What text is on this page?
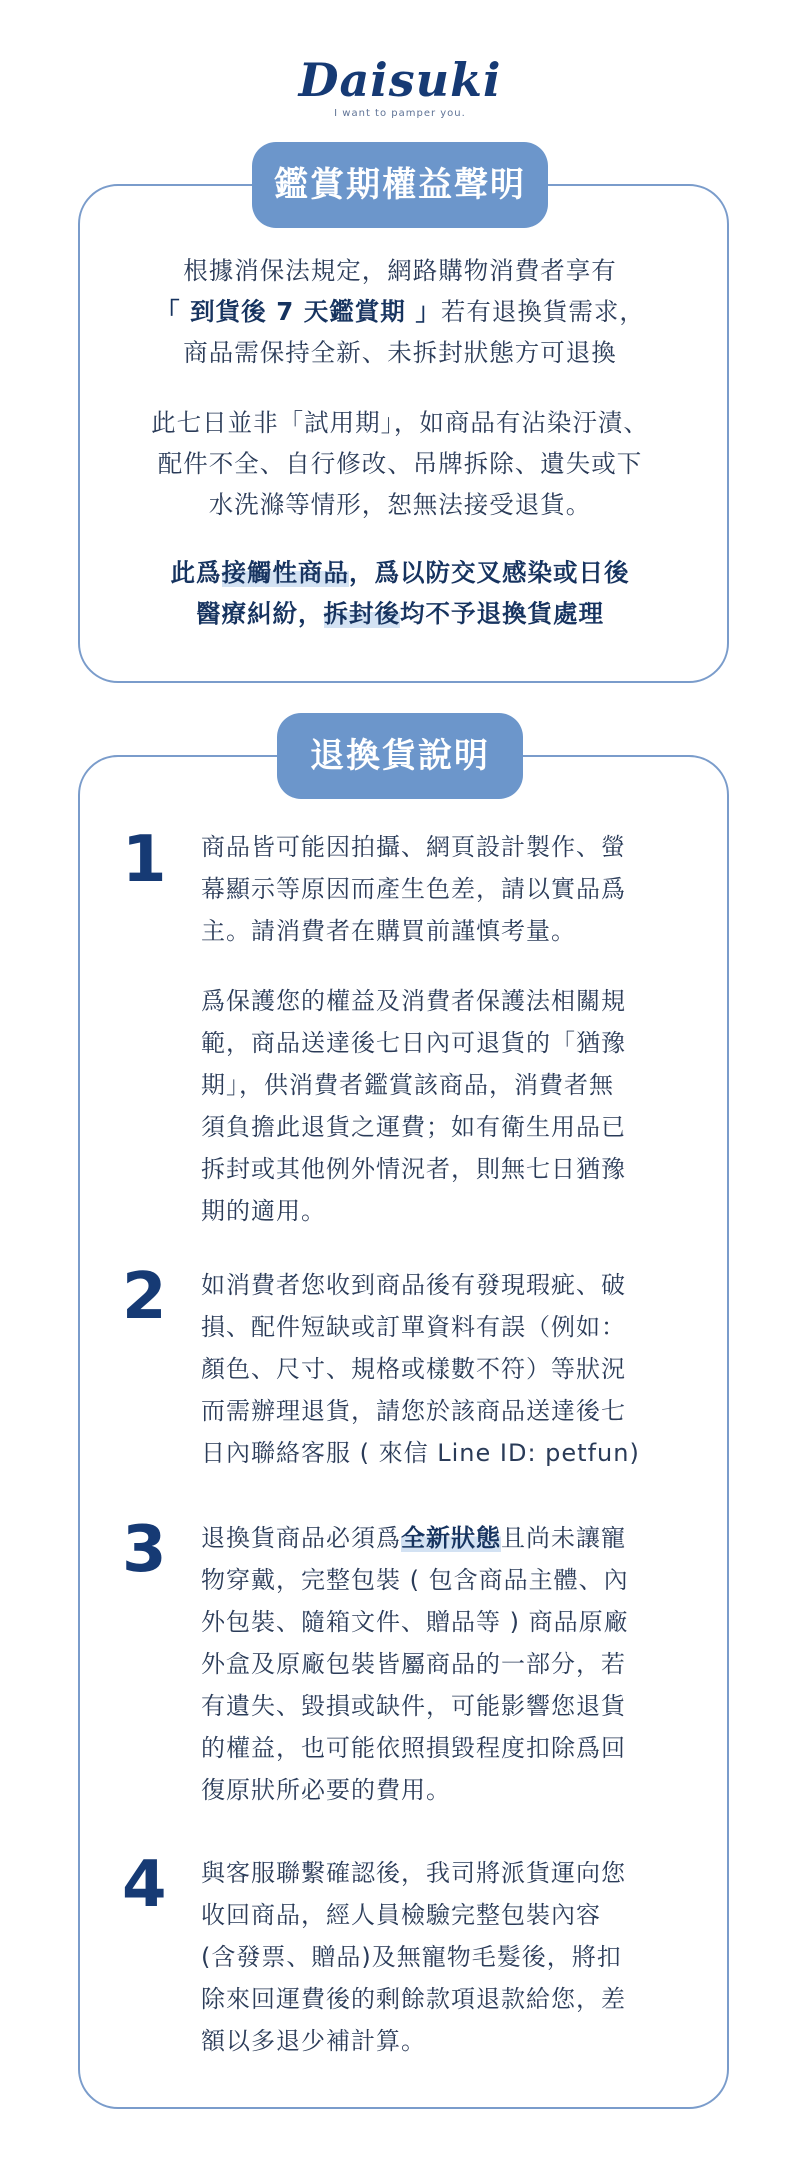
Daisuki
I want to pamper you.
鑑賞期權益聲明
根據消保法規定，網路購物消費者享有
「 到貨後 7 天鑑賞期 」若有退換貨需求，
商品需保持全新、未拆封狀態方可退換
此七日並非「試用期」，如商品有沾染汙漬、
配件不全、自行修改、吊牌拆除、遺失或下
水洗滌等情形，恕無法接受退貨。
此爲接觸性商品，爲以防交叉感染或日後
醫療糾紛，拆封後均不予退換貨處理
退換貨說明
1 商品皆可能因拍攝、網頁設計製作、螢
幕顯示等原因而產生色差，請以實品爲
主。請消費者在購買前謹慎考量。
爲保護您的權益及消費者保護法相關規
範，商品送達後七日內可退貨的「猶豫
期」，供消費者鑑賞該商品，消費者無
須負擔此退貨之運費；如有衛生用品已
拆封或其他例外情況者，則無七日猶豫
期的適用。
2 如消費者您收到商品後有發現瑕疵、破
損、配件短缺或訂單資料有誤（例如：
顏色、尺寸、規格或樣數不符）等狀況
而需辦理退貨，請您於該商品送達後七
日內聯絡客服 ( 來信 Line ID: petfun)
3 退換貨商品必須爲全新狀態且尚未讓寵
物穿戴，完整包裝 ( 包含商品主體、內
外包裝、隨箱文件、贈品等 ) 商品原廠
外盒及原廠包裝皆屬商品的一部分，若
有遺失、毀損或缺件，可能影響您退貨
的權益，也可能依照損毀程度扣除爲回
復原狀所必要的費用。
4 與客服聯繫確認後，我司將派貨運向您
收回商品，經人員檢驗完整包裝內容
(含發票、贈品)及無寵物毛髮後，將扣
除來回運費後的剩餘款項退款給您，差
額以多退少補計算。
